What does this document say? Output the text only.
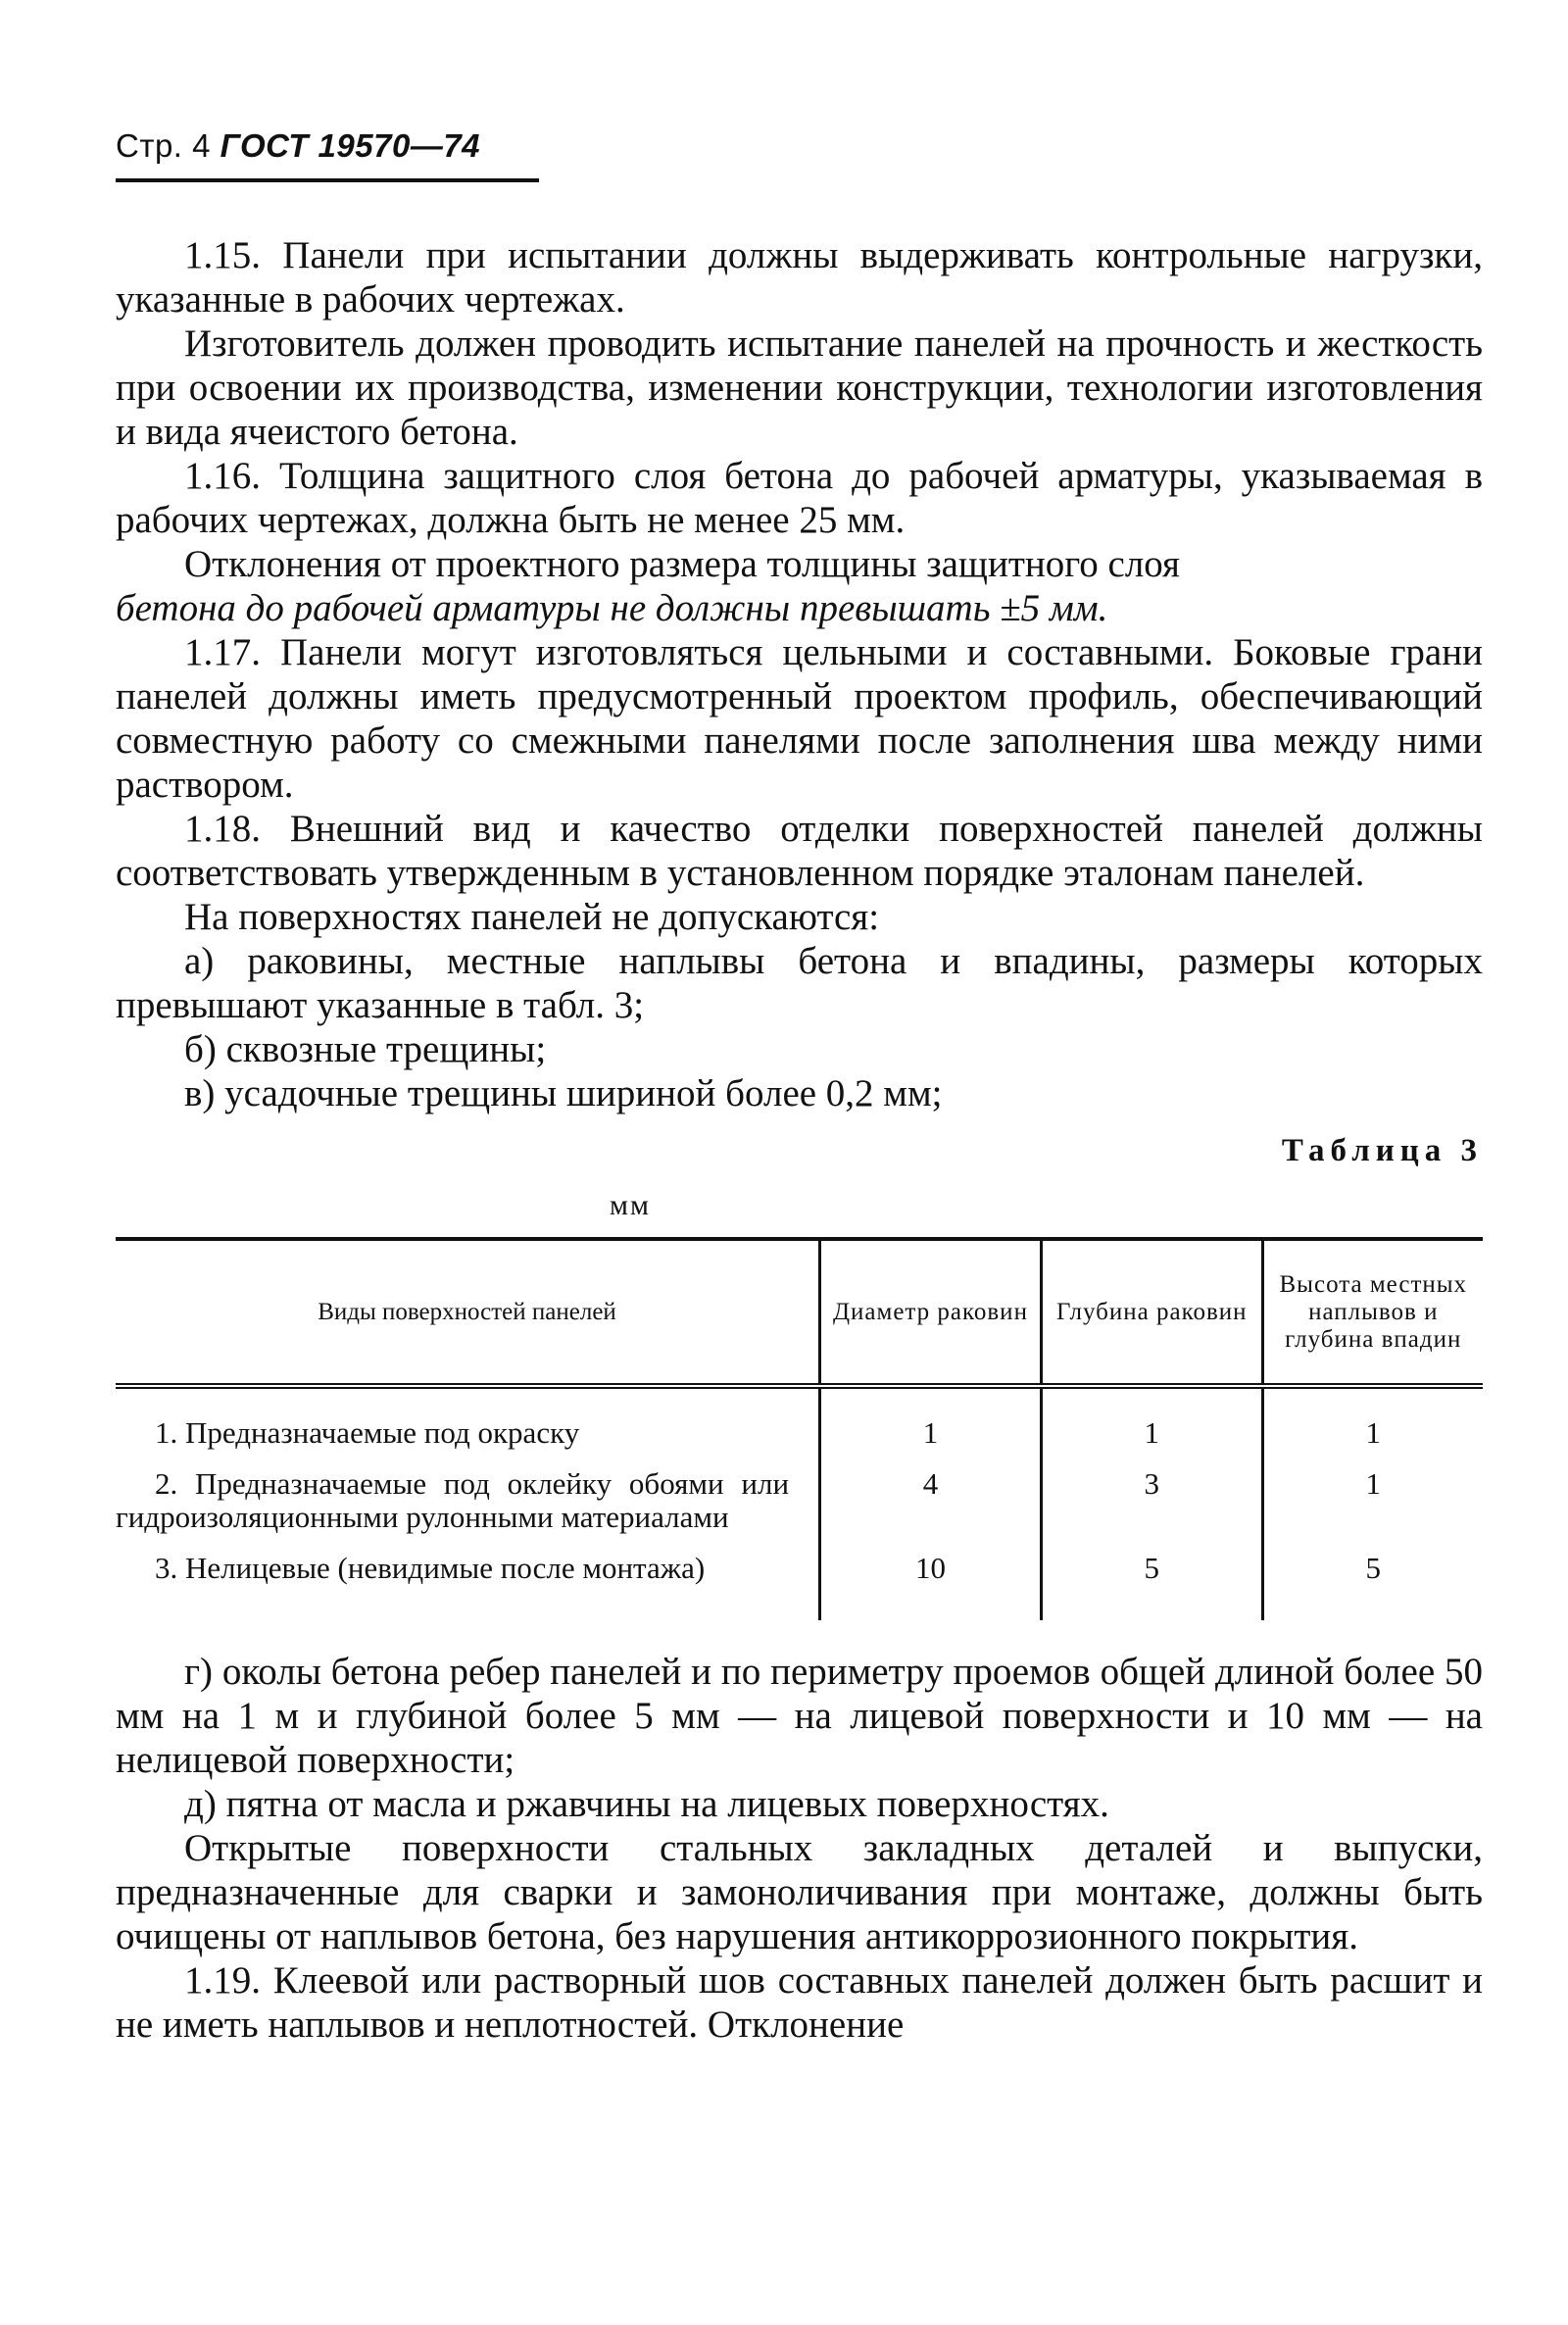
Стр. 4 ГОСТ 19570—74

1.15. Панели при испытании должны выдерживать контрольные нагрузки, указанные в рабочих чертежах.

Изготовитель должен проводить испытание панелей на прочность и жесткость при освоении их производства, изменении конструкции, технологии изготовления и вида ячеистого бетона.

1.16. Толщина защитного слоя бетона до рабочей арматуры, указываемая в рабочих чертежах, должна быть не менее 25 мм.

Отклонения от проектного размера толщины защитного слоя

бетона до рабочей арматуры не должны превышать ±5 мм.

1.17. Панели могут изготовляться цельными и составными. Боковые грани панелей должны иметь предусмотренный проектом профиль, обеспечивающий совместную работу со смежными панелями после заполнения шва между ними раствором.

1.18. Внешний вид и качество отделки поверхностей панелей должны соответствовать утвержденным в установленном порядке эталонам панелей.

На поверхностях панелей не допускаются:

а) раковины, местные наплывы бетона и впадины, размеры которых превышают указанные в табл. 3;

б) сквозные трещины;

в) усадочные трещины шириной более 0,2 мм;

Таблица 3
мм
Виды поверхностей панелей	Диаметр раковин	Глубина раковин	Высота местных наплывов и глубина впадин
1. Предназначаемые под окраску	1	1	1
2. Предназначаемые под оклейку обоями или гидроизоляционными рулонными материалами	4	3	1
3. Нелицевые (невидимые после монтажа)	10	5	5

г) околы бетона ребер панелей и по периметру проемов общей длиной более 50 мм на 1 м и глубиной более 5 мм — на лицевой поверхности и 10 мм — на нелицевой поверхности;

д) пятна от масла и ржавчины на лицевых поверхностях.

Открытые поверхности стальных закладных деталей и выпуски, предназначенные для сварки и замоноличивания при монтаже, должны быть очищены от наплывов бетона, без нарушения антикоррозионного покрытия.

1.19. Клеевой или растворный шов составных панелей должен быть расшит и не иметь наплывов и неплотностей. Отклонение
